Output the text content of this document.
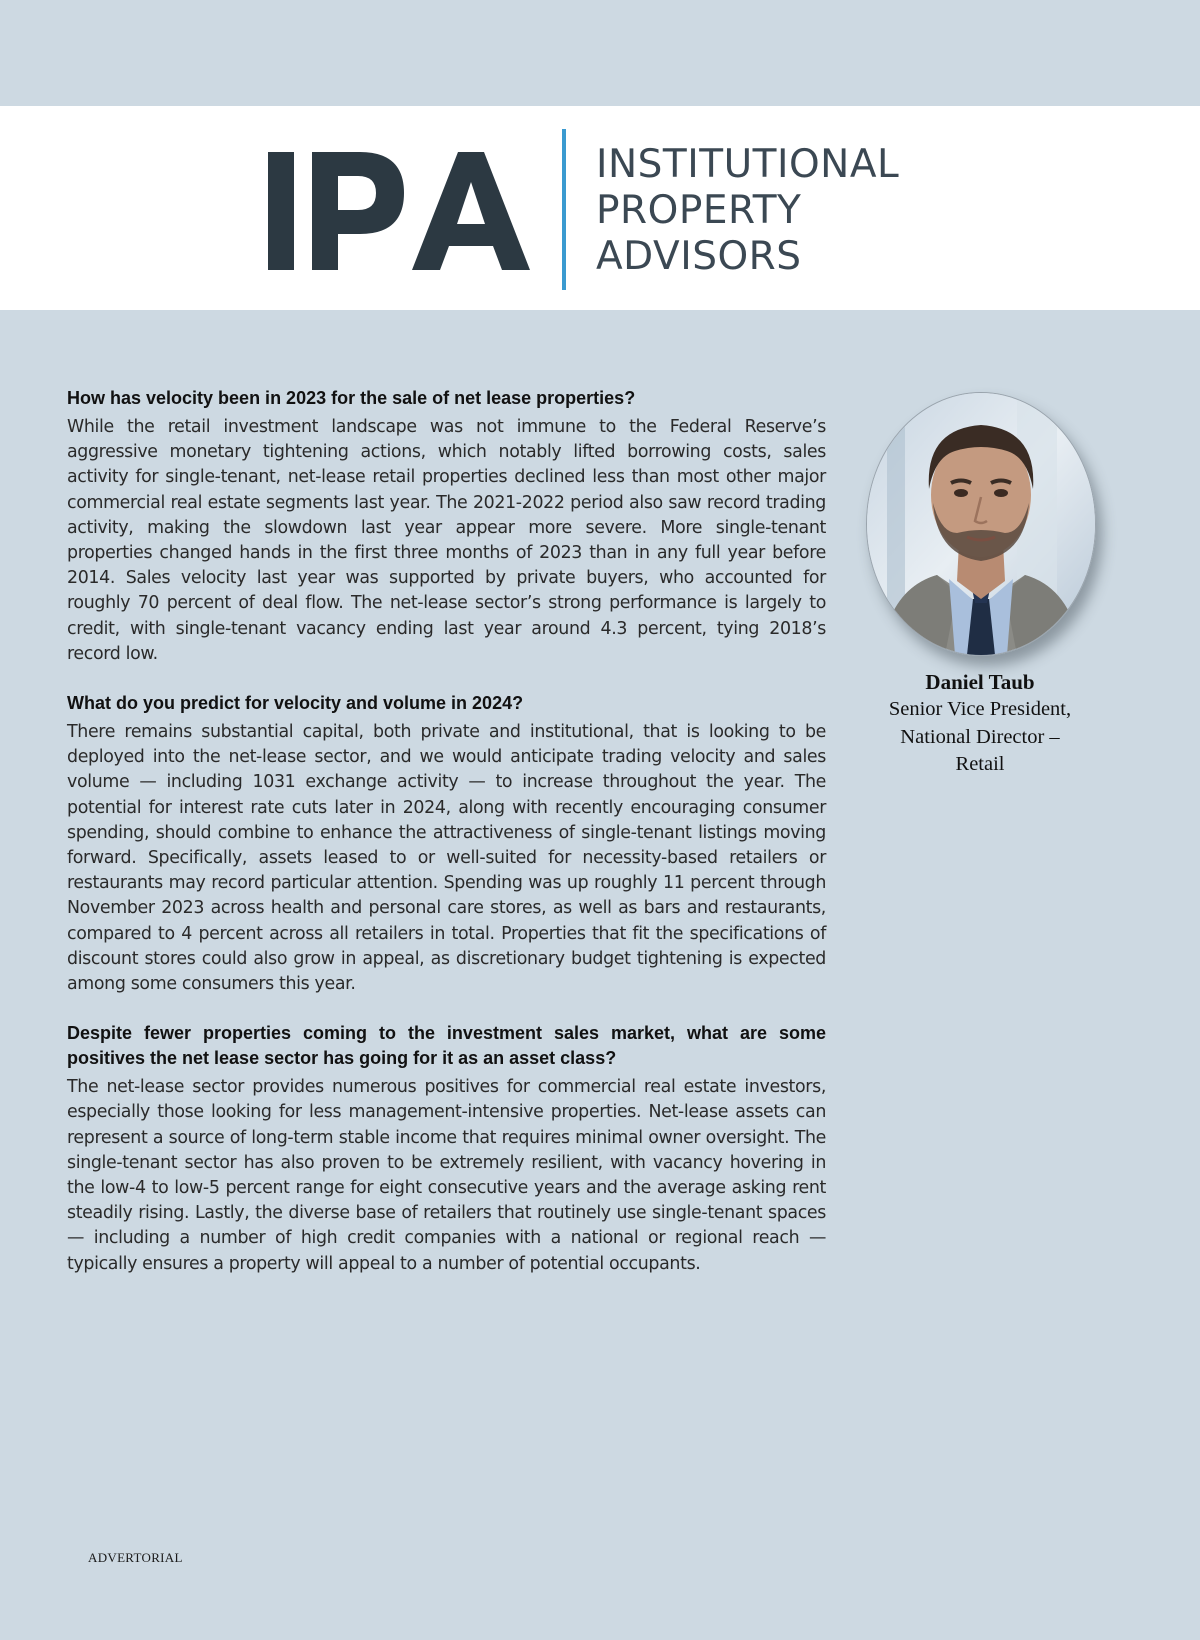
INSTITUTIONAL
PROPERTY
ADVISORS

How has velocity been in 2023 for the sale of net lease properties?

While the retail investment landscape was not immune to the Federal Reserve’s aggressive monetary tightening actions, which notably lifted borrowing costs, sales activity for single-tenant, net-lease retail properties declined less than most other major commercial real estate segments last year. The 2021-2022 period also saw record trading activity, making the slowdown last year appear more severe. More single-tenant properties changed hands in the first three months of 2023 than in any full year before 2014. Sales velocity last year was supported by private buyers, who accounted for roughly 70 percent of deal flow. The net-lease sector’s strong performance is largely to credit, with single-tenant vacancy ending last year around 4.3 percent, tying 2018’s record low.

What do you predict for velocity and volume in 2024?

There remains substantial capital, both private and institutional, that is looking to be deployed into the net-lease sector, and we would anticipate trading velocity and sales volume — including 1031 exchange activity — to increase throughout the year. The potential for interest rate cuts later in 2024, along with recently encouraging consumer spending, should combine to enhance the attractiveness of single-tenant listings moving forward. Specifically, assets leased to or well-suited for necessity-based retailers or restaurants may record particular attention. Spending was up roughly 11 percent through November 2023 across health and personal care stores, as well as bars and restaurants, compared to 4 percent across all retailers in total. Properties that fit the specifications of discount stores could also grow in appeal, as discretionary budget tightening is expected among some consumers this year.

Despite fewer properties coming to the investment sales market, what are some positives the net lease sector has going for it as an asset class?

The net-lease sector provides numerous positives for commercial real estate investors, especially those looking for less management-intensive properties. Net-lease assets can represent a source of long-term stable income that requires minimal owner oversight. The single-tenant sector has also proven to be extremely resilient, with vacancy hovering in the low-4 to low-5 percent range for eight consecutive years and the average asking rent steadily rising. Lastly, the diverse base of retailers that routinely use single-tenant spaces — including a number of high credit companies with a national or regional reach — typically ensures a property will appeal to a number of potential occupants.

Daniel Taub
Senior Vice President,
National Director –
Retail
ADVERTORIAL
